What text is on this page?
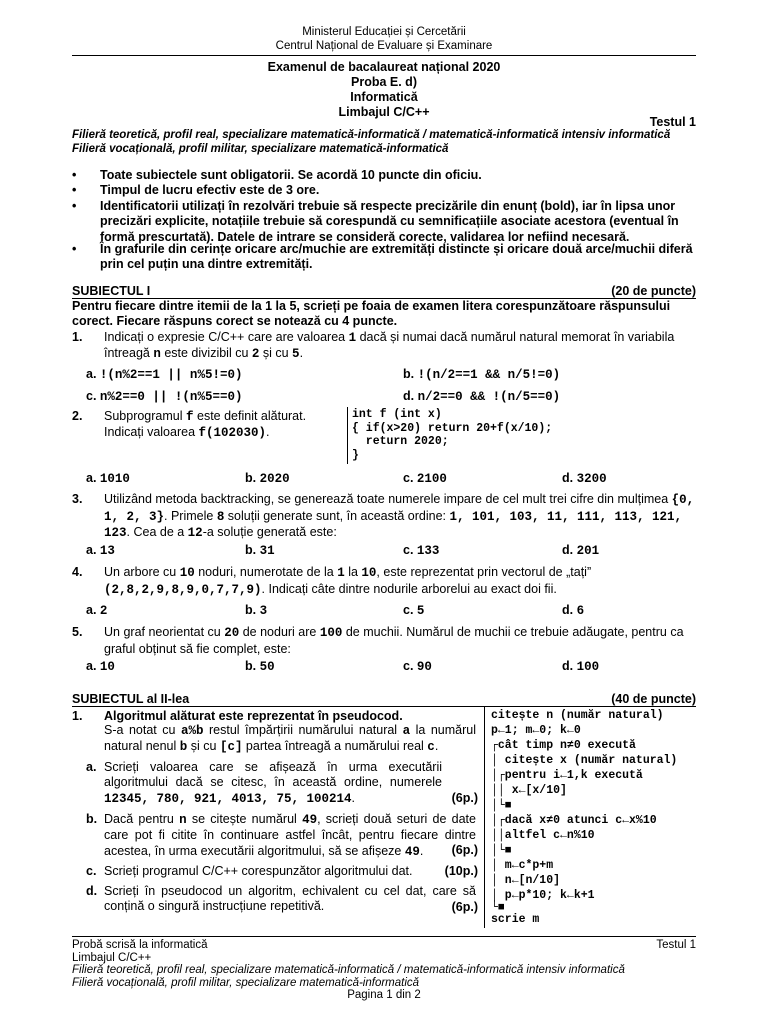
Ministerul Educației și Cercetării
Centrul Național de Evaluare și Examinare
Examenul de bacalaureat național 2020
Proba E. d)
Informatică
Limbajul C/C++
Testul 1
Filieră teoretică, profil real, specializare matematică-informatică / matematică-informatică intensiv informatică
Filieră vocațională, profil militar, specializare matematică-informatică
•	Toate subiectele sunt obligatorii. Se acordă 10 puncte din oficiu.
•	Timpul de lucru efectiv este de 3 ore.
•	Identificatorii utilizați în rezolvări trebuie să respecte precizările din enunț (bold), iar în lipsa unor precizări explicite, notațiile trebuie să corespundă cu semnificațiile asociate acestora (eventual în formă prescurtată). Datele de intrare se consideră corecte, validarea lor nefiind necesară.
•	În grafurile din cerințe oricare arc/muchie are extremități distincte și oricare două arce/muchii diferă prin cel puțin una dintre extremități.
SUBIECTUL I	(20 de puncte)
Pentru fiecare dintre itemii de la 1 la 5, scrieți pe foaia de examen litera corespunzătoare răspunsului corect. Fiecare răspuns corect se notează cu 4 puncte.
1.	Indicați o expresie C/C++ care are valoarea 1 dacă și numai dacă numărul natural memorat în variabila întreagă n este divizibil cu 2 și cu 5.
a. !(n%2==1 || n%5!=0)	b. !(n/2==1 && n/5!=0)
c. n%2==0 || !(n%5==0)	d. n/2==0 && !(n/5==0)
2.	Subprogramul f este definit alăturat.
Indicați valoarea f(102030).
int f (int x)
{ if(x>20) return 20+f(x/10);
return 2020;
}
a. 1010	b. 2020	c. 2100	d. 3200
3.	Utilizând metoda backtracking, se generează toate numerele impare de cel mult trei cifre din mulțimea {0, 1, 2, 3}. Primele 8 soluții generate sunt, în această ordine: 1, 101, 103, 11, 111, 113, 121, 123. Cea de a 12-a soluție generată este:
a. 13	b. 31	c. 133	d. 201
4.	Un arbore cu 10 noduri, numerotate de la 1 la 10, este reprezentat prin vectorul de „tați”
(2,8,2,9,8,9,0,7,7,9). Indicați câte dintre nodurile arborelui au exact doi fii.
a. 2	b. 3	c. 5	d. 6
5.	Un graf neorientat cu 20 de noduri are 100 de muchii. Numărul de muchii ce trebuie adăugate, pentru ca graful obținut să fie complet, este:
a. 10	b. 50	c. 90	d. 100
SUBIECTUL al II-lea	(40 de puncte)
1.	Algoritmul alăturat este reprezentat în pseudocod.
S-a notat cu a%b restul împărțirii numărului natural a la numărul natural nenul b și cu [c] partea întreagă a numărului real c.
a. Scrieți valoarea care se afișează în urma executării algoritmului dacă se citesc, în această ordine, numerele 12345, 780, 921, 4013, 75, 100214.	(6p.)
b. Dacă pentru n se citește numărul 49, scrieți două seturi de date care pot fi citite în continuare astfel încât, pentru fiecare dintre acestea, în urma executării algoritmului, să se afișeze 49.	(6p.)
c. Scrieți programul C/C++ corespunzător algoritmului dat.	(10p.)
d. Scrieți în pseudocod un algoritm, echivalent cu cel dat, care să conțină o singură instrucțiune repetitivă.	(6p.)
citește n (număr natural)
p←1; m←0; k←0
┌cât timp n≠0 execută
│ citește x (număr natural)
│┌pentru i←1,k execută
││ x←[x/10]
│└■
│┌dacă x≠0 atunci c←x%10
││altfel c←n%10
│└■
│ m←c*p+m
│ n←[n/10]
│ p←p*10; k←k+1
└■
scrie m
Probă scrisă la informatică
Limbajul C/C++
Filieră teoretică, profil real, specializare matematică-informatică / matematică-informatică intensiv informatică
Filieră vocațională, profil militar, specializare matematică-informatică
Testul 1
Pagina 1 din 2
